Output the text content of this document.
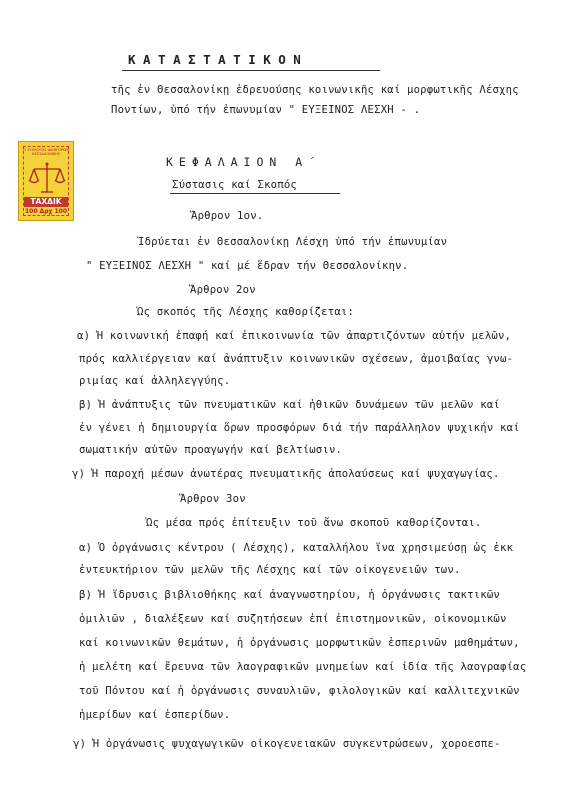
ΚΑΤΑΣΤΑΤΙΚΟΝ
τῆς ἐν Θεσσαλονίκῃ ἑδρευούσης κοινωνικῆς καί μορφωτικῆς Λέσχης
Ποντίων, ὑπό τήν ἐπωνυμίαν " ΕΥΞΕΙΝΟΣ ΛΕΣΧΗ - .
Ο ΣΥΛΛΟΓΟΣ ΔΙΚΗΓΟΡΩΝ ΘΕΣΣΑΛΟΝΙΚΗΣ
ΤΑΧΔΙΚ
100 Δρχ 100
ΚΕΦΑΛΑΙΟΝ Α΄
Σύστασις καί Σκοπός
Ἄρθρον 1ον.
Ἱδρύεται ἐν Θεσσαλονίκῃ Λέσχη ὑπό τήν ἐπωνυμίαν
" ΕΥΞΕΙΝΟΣ ΛΕΣΧΗ " καί μέ ἕδραν τήν Θεσσαλονίκην.
Ἄρθρον 2ον
Ὡς σκοπός τῆς Λέσχης καθορίζεται:
α) Ἡ κοινωνική ἐπαφή καί ἐπικοινωνία τῶν ἀπαρτιζόντων αὐτήν μελῶν,
πρός καλλιέργειαν καί ἀνάπτυξιν κοινωνικῶν σχέσεων, ἀμοιβαίας γνω-
ριμίας καί ἀλληλεγγύης.
β) Ἡ ἀνάπτυξις τῶν πνευματικῶν καί ἠθικῶν δυνάμεων τῶν μελῶν καί
ἐν γένει ἡ δημιουργία ὅρων προσφόρων διά τήν παράλληλον ψυχικήν καί
σωματικήν αὐτῶν προαγωγήν καί βελτίωσιν.
γ) Ἡ παροχή μέσων ἀνωτέρας πνευματικῆς ἀπολαύσεως καί ψυχαγωγίας.
Ἄρθρον 3ον
Ὡς μέσα πρός ἐπίτευξιν τοῦ ἄνω σκοποῦ καθορίζονται.
α) Ὁ ὀργάνωσις κέντρου ( Λέσχης), καταλλήλου ἵνα χρησιμεύσῃ ὡς ἐκκ
ἐντευκτήριον τῶν μελῶν τῆς Λέσχης καί τῶν οἰκογενειῶν των.
β) Ἡ ἵδρυσις βιβλιοθήκης καί ἀναγνωστηρίου, ἡ ὀργάνωσις τακτικῶν
ὁμιλιῶν , διαλέξεων καί συζητήσεων ἐπί ἐπιστημονικῶν, οἰκονομικῶν
καί κοινωνικῶν θεμάτων, ἡ ὀργάνωσις μορφωτικῶν ἑσπερινῶν μαθημάτων,
ἡ μελέτη καί ἔρευνα τῶν λαογραφικῶν μνημείων καί ἰδία τῆς λαογραφίας
τοῦ Πόντου καί ἡ ὀργάνωσις συναυλιῶν, φιλολογικῶν καί καλλιτεχνικῶν
ἡμερίδων καί ἑσπερίδων.
γ) Ἡ ὀργάνωσις ψυχαγωγικῶν οἰκογενειακῶν συγκεντρώσεων, χοροεσπε-
